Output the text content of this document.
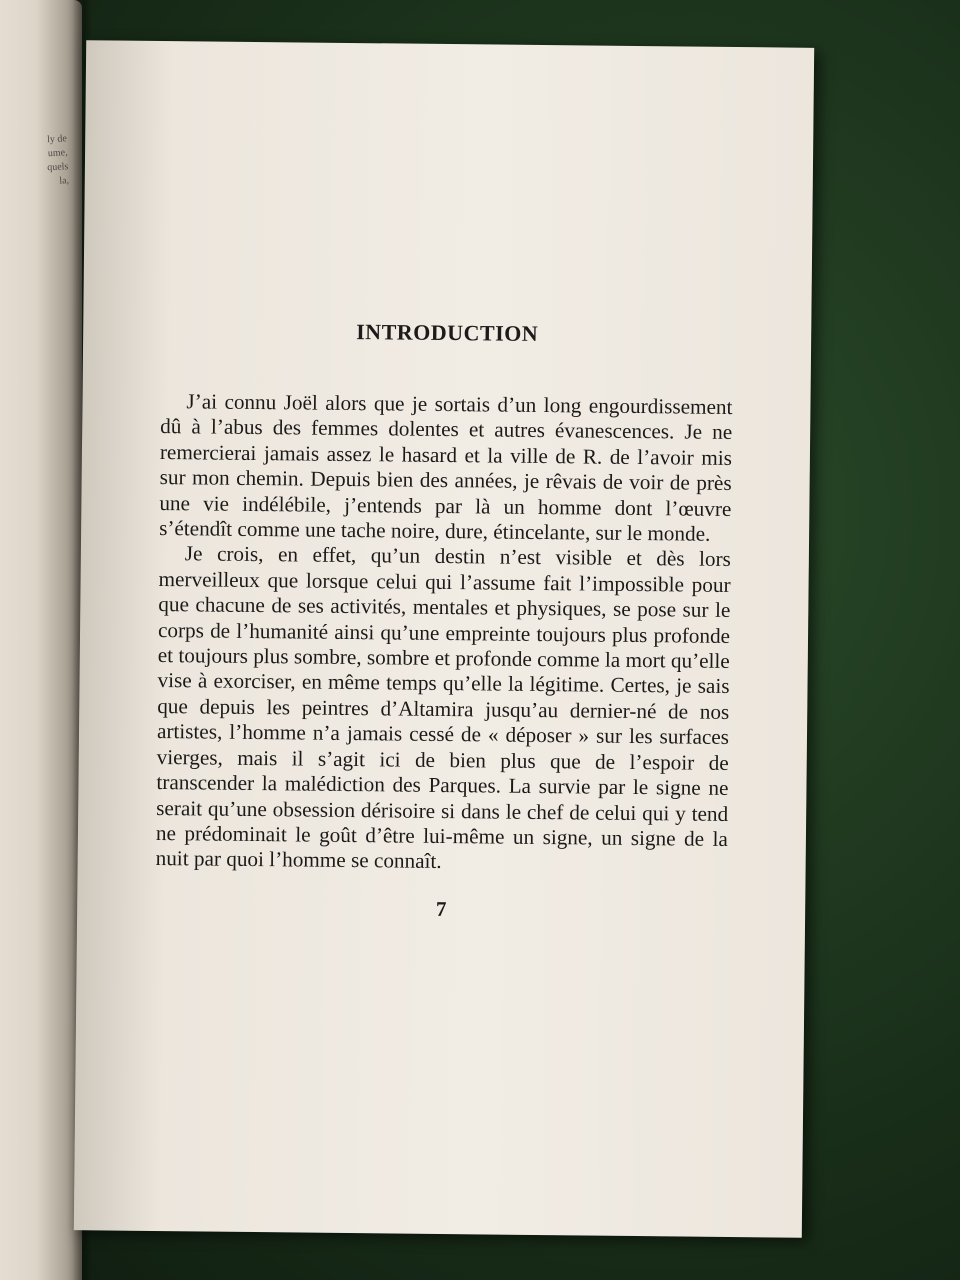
ly de
ume,
quels
la,
INTRODUCTION

J’ai connu Joël alors que je sortais d’un long engourdissement dû à l’abus des femmes dolentes et autres évanescences. Je ne remercierai jamais assez le hasard et la ville de R. de l’avoir mis sur mon chemin. Depuis bien des années, je rêvais de voir de près une vie indélébile, j’entends par là un homme dont l’œuvre s’étendît comme une tache noire, dure, étincelante, sur le monde.

Je crois, en effet, qu’un destin n’est visible et dès lors merveilleux que lorsque celui qui l’assume fait l’impossible pour que chacune de ses activités, mentales et physiques, se pose sur le corps de l’humanité ainsi qu’une empreinte toujours plus profonde et toujours plus sombre, sombre et profonde comme la mort qu’elle vise à exorciser, en même temps qu’elle la légitime. Certes, je sais que depuis les peintres d’Altamira jusqu’au dernier-né de nos artistes, l’homme n’a jamais cessé de « déposer » sur les surfaces vierges, mais il s’agit ici de bien plus que de l’espoir de transcender la malédiction des Parques. La survie par le signe ne serait qu’une obsession dérisoire si dans le chef de celui qui y tend ne prédominait le goût d’être lui-même un signe, un signe de la nuit par quoi l’homme se connaît.

7
